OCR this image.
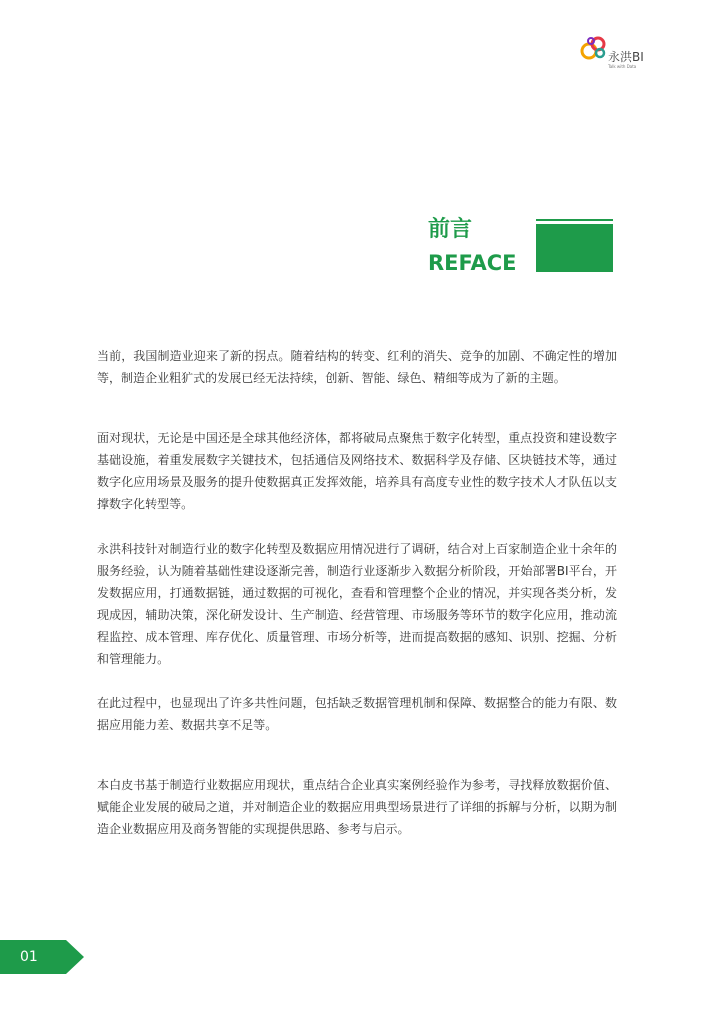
永洪BI
Talk with Data
前言
REFACE

当前，我国制造业迎来了新的拐点。随着结构的转变、红利的消失、竞争的加剧、不确定性的增加等，制造企业粗犷式的发展已经无法持续，创新、智能、绿色、精细等成为了新的主题。

面对现状，无论是中国还是全球其他经济体，都将破局点聚焦于数字化转型，重点投资和建设数字基础设施，着重发展数字关键技术，包括通信及网络技术、数据科学及存储、区块链技术等，通过数字化应用场景及服务的提升使数据真正发挥效能，培养具有高度专业性的数字技术人才队伍以支撑数字化转型等。

永洪科技针对制造行业的数字化转型及数据应用情况进行了调研，结合对上百家制造企业十余年的服务经验，认为随着基础性建设逐渐完善，制造行业逐渐步入数据分析阶段，开始部署BI平台，开发数据应用，打通数据链，通过数据的可视化，查看和管理整个企业的情况，并实现各类分析，发现成因，辅助决策，深化研发设计、生产制造、经营管理、市场服务等环节的数字化应用，推动流程监控、成本管理、库存优化、质量管理、市场分析等，进而提高数据的感知、识别、挖掘、分析和管理能力。

在此过程中，也显现出了许多共性问题，包括缺乏数据管理机制和保障、数据整合的能力有限、数据应用能力差、数据共享不足等。

本白皮书基于制造行业数据应用现状，重点结合企业真实案例经验作为参考，寻找释放数据价值、赋能企业发展的破局之道，并对制造企业的数据应用典型场景进行了详细的拆解与分析，以期为制造企业数据应用及商务智能的实现提供思路、参考与启示。

01
